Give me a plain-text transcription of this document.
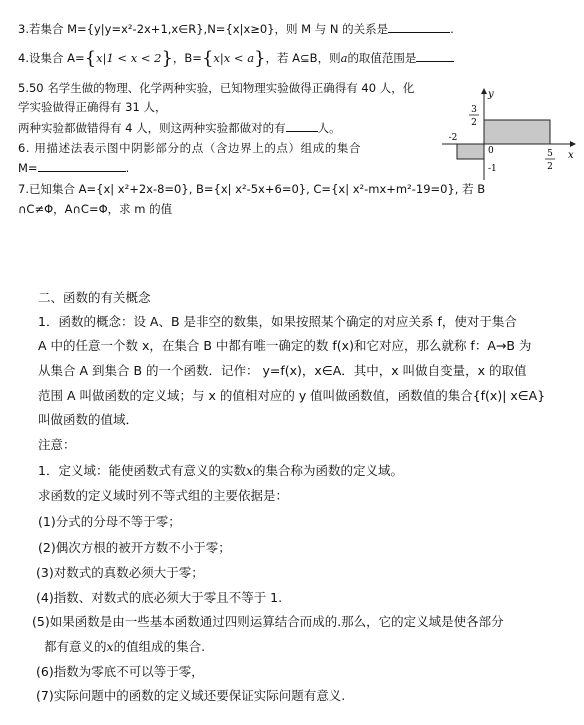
3.若集合 M={y|y=x²-2x+1,x∈R},N={x|x≥0}，则 M 与 N 的关系是	.
4.设集合 A={x|1 < x < 2}，B={x|x < a}，若 A⊆B，则a的取值范围是
5.50 名学生做的物理、化学两种实验，已知物理实验做得正确得有 40 人，化
学实验做得正确得有 31 人，
两种实验都做错得有 4 人，则这两种实验都做对的有	人。
6. 用描述法表示图中阴影部分的点（含边界上的点）组成的集合
M=	.
7.已知集合 A={x| x²+2x-8=0}, B={x| x²-5x+6=0}, C={x| x²-mx+m²-19=0}, 若 B
∩C≠Φ，A∩C=Φ，求 m 的值
y
x
3
2
5
2
-2
0
-1
二、函数的有关概念
1．函数的概念：设 A、B 是非空的数集，如果按照某个确定的对应关系 f，使对于集合
A 中的任意一个数 x，在集合 B 中都有唯一确定的数 f(x)和它对应，那么就称 f：A→B 为
从集合 A 到集合 B 的一个函数．记作： y=f(x)，x∈A．其中，x 叫做自变量，x 的取值
范围 A 叫做函数的定义域；与 x 的值相对应的 y 值叫做函数值，函数值的集合{f(x)| x∈A}
叫做函数的值域．
注意：
1．定义域：能使函数式有意义的实数x的集合称为函数的定义域。
求函数的定义域时列不等式组的主要依据是：
(1)分式的分母不等于零；
(2)偶次方根的被开方数不小于零；
(3)对数式的真数必须大于零；
(4)指数、对数式的底必须大于零且不等于 1.
(5)如果函数是由一些基本函数通过四则运算结合而成的.那么，它的定义域是使各部分
都有意义的x的值组成的集合.
(6)指数为零底不可以等于零，
(7)实际问题中的函数的定义域还要保证实际问题有意义.
